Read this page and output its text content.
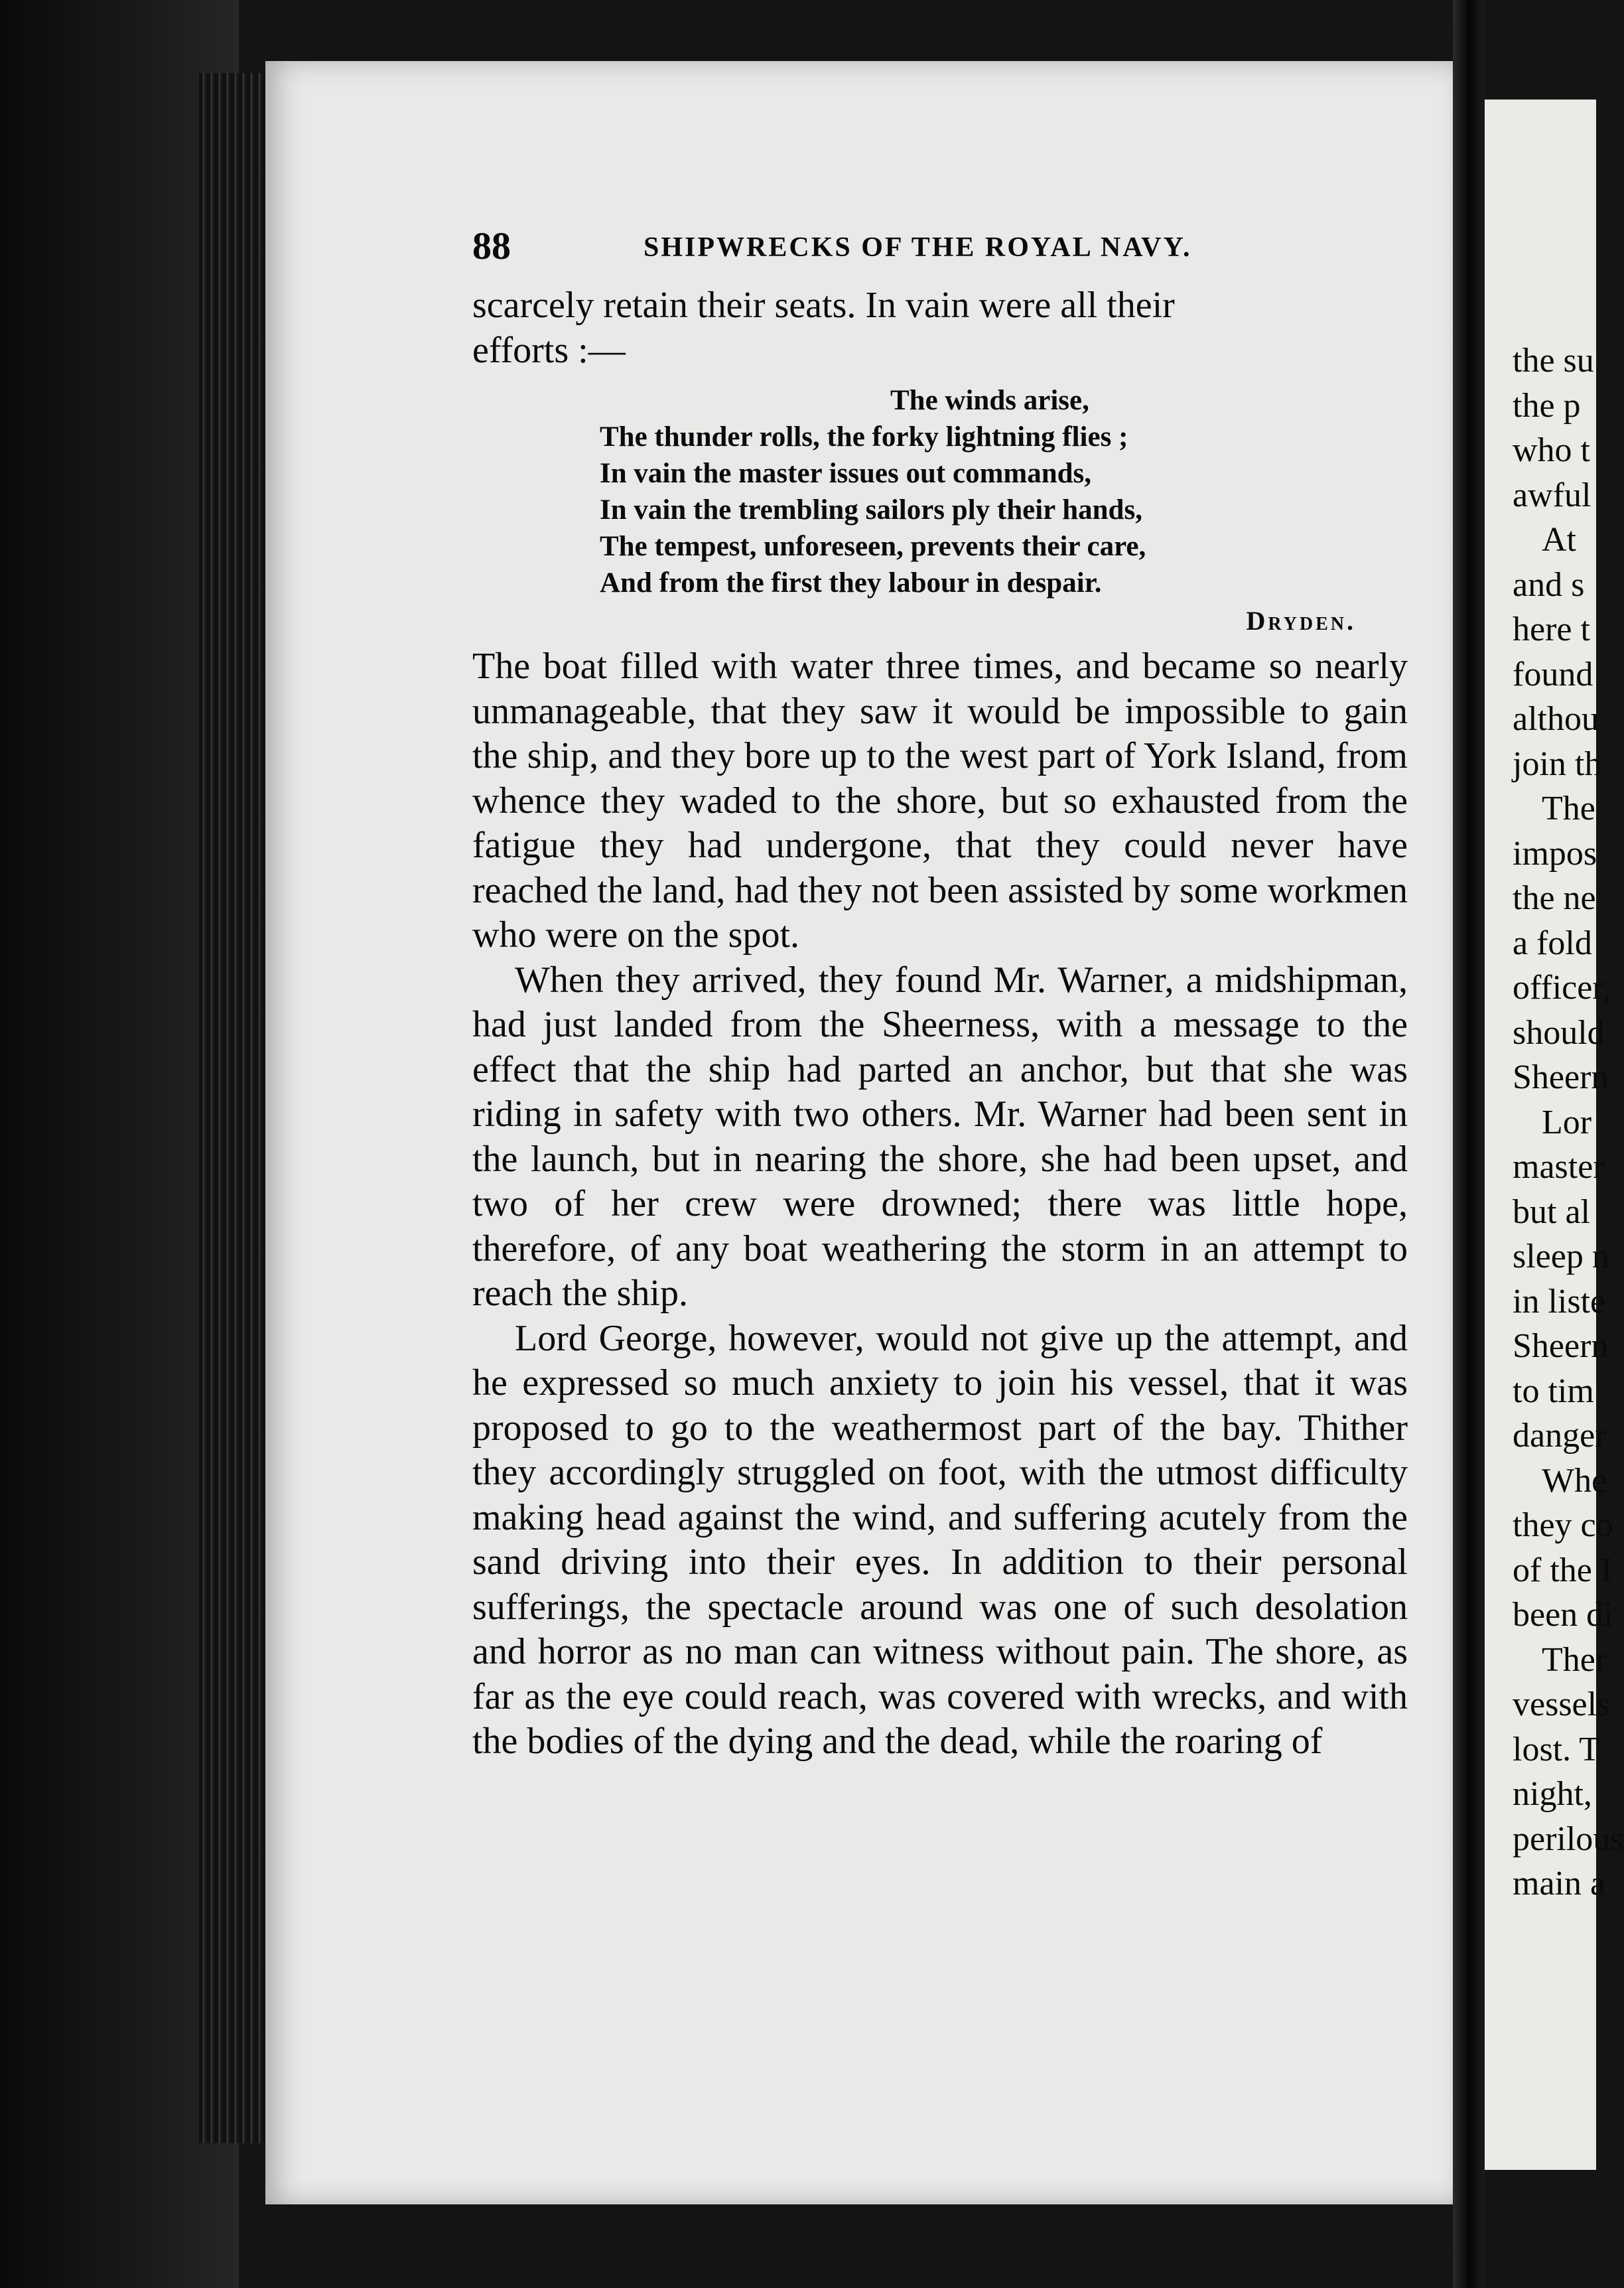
88	SHIPWRECKS OF THE ROYAL NAVY.

scarcely retain their seats. In vain were all their
efforts :—

The winds arise,
The thunder rolls, the forky lightning flies ;
In vain the master issues out commands,
In vain the trembling sailors ply their hands,
The tempest, unforeseen, prevents their care,
And from the first they labour in despair.
Dryden.

The boat filled with water three times, and became so nearly unmanageable, that they saw it would be impossible to gain the ship, and they bore up to the west part of York Island, from whence they waded to the shore, but so exhausted from the fatigue they had undergone, that they could never have reached the land, had they not been assisted by some workmen who were on the spot.

When they arrived, they found Mr. Warner, a midshipman, had just landed from the Sheerness, with a message to the effect that the ship had parted an anchor, but that she was riding in safety with two others. Mr. Warner had been sent in the launch, but in nearing the shore, she had been upset, and two of her crew were drowned; there was little hope, therefore, of any boat weathering the storm in an attempt to reach the ship.

Lord George, however, would not give up the attempt, and he expressed so much anxiety to join his vessel, that it was proposed to go to the weathermost part of the bay. Thither they accordingly struggled on foot, with the utmost difficulty making head against the wind, and suffering acutely from the sand driving into their eyes. In addition to their personal sufferings, the spectacle around was one of such desolation and horror as no man can witness without pain. The shore, as far as the eye could reach, was covered with wrecks, and with the bodies of the dying and the dead, while the roaring of

the su
the p
who t
awful
At
and s
here t
found
althou
join th
The
impos
the ne
a fold
officer,
should
Sheern
Lor
master
but al
sleep n
in liste
Sheern
to tim
danger
Whe
they co
of the I
been di
Ther
vessels
lost. T
night,
perilous
main a
